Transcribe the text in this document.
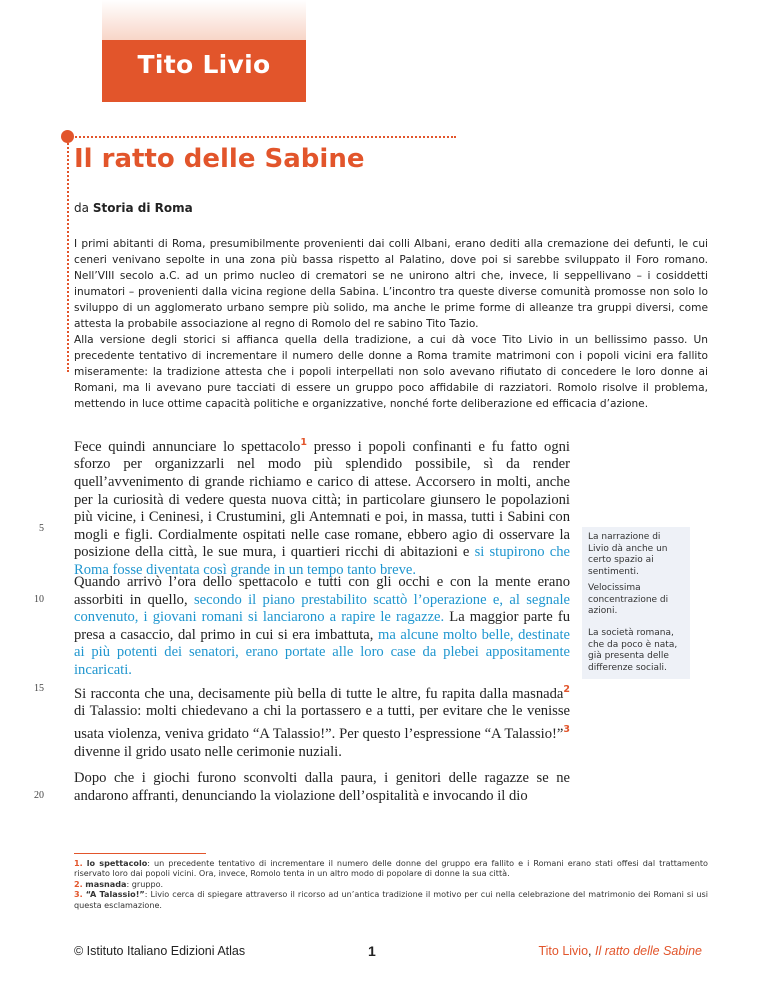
Tito Livio
Il ratto delle Sabine
da Storia di Roma

I primi abitanti di Roma, presumibilmente provenienti dai colli Albani, erano dediti alla cremazione dei defunti, le cui ceneri venivano sepolte in una zona più bassa rispetto al Palatino, dove poi si sarebbe sviluppato il Foro romano. Nell’VIII secolo a.C. ad un primo nucleo di crematori se ne unirono altri che, invece, li seppellivano – i cosiddetti inumatori – provenienti dalla vicina regione della Sabina. L’incontro tra queste diverse comunità promosse non solo lo sviluppo di un agglomerato urbano sempre più solido, ma anche le prime forme di alleanze tra gruppi diversi, come attesta la probabile associazione al regno di Romolo del re sabino Tito Tazio.

Alla versione degli storici si affianca quella della tradizione, a cui dà voce Tito Livio in un bellissimo passo. Un precedente tentativo di incrementare il numero delle donne a Roma tramite matrimoni con i popoli vicini era fallito miseramente: la tradizione attesta che i popoli interpellati non solo avevano rifiutato di concedere le loro donne ai Romani, ma li avevano pure tacciati di essere un gruppo poco affidabile di razziatori. Romolo risolve il problema, mettendo in luce ottime capacità politiche e organizzative, nonché forte deliberazione ed efficacia d’azione.

Fece quindi annunciare lo spettacolo$^1$ presso i popoli confinanti e fu fatto ogni sforzo per organizzarli nel modo più splendido possibile, sì da render quell’avvenimento di grande richiamo e carico di attese. Accorsero in molti, anche per la curiosità di vedere questa nuova città; in particolare giunsero le popolazioni più vicine, i Ceninesi, i Crustumini, gli Antemnati e poi, in massa, tutti i Sabini con mogli e figli. Cordialmente ospitati nelle case romane, ebbero agio di osservare la posizione della città, le sue mura, i quartieri ricchi di abitazioni e si stupirono che Roma fosse diventata così grande in un tempo tanto breve.

Quando arrivò l’ora dello spettacolo e tutti con gli occhi e con la mente erano assorbiti in quello, secondo il piano prestabilito scattò l’operazione e, al segnale convenuto, i giovani romani si lanciarono a rapire le ragazze. La maggior parte fu presa a casaccio, dal primo in cui si era imbattuta, ma alcune molto belle, destinate ai più potenti dei senatori, erano portate alle loro case da plebei appositamente incaricati.

Si racconta che una, decisamente più bella di tutte le altre, fu rapita dalla masnada$^2$ di Talassio: molti chiedevano a chi la portassero e a tutti, per evitare che le venisse usata violenza, veniva gridato “A Talassio!”. Per questo l’espressione “A Talassio!”$^3$ divenne il grido usato nelle cerimonie nuziali.

Dopo che i giochi furono sconvolti dalla paura, i genitori delle ragazze se ne andarono affranti, denunciando la violazione dell’ospitalità e invocando il dio

5
10
15
20
La narrazione di Livio dà anche un certo spazio ai sentimenti.
Velocissima concentrazione di azioni.
La società romana, che da poco è nata, già presenta delle differenze sociali.

1. lo spettacolo: un precedente tentativo di incrementare il numero delle donne del gruppo era fallito e i Romani erano stati offesi dal trattamento riservato loro dai popoli vicini. Ora, invece, Romolo tenta in un altro modo di popolare di donne la sua città.

2. masnada: gruppo.

3. “A Talassio!”: Livio cerca di spiegare attraverso il ricorso ad un’antica tradizione il motivo per cui nella celebrazione del matrimonio dei Romani si usi questa esclamazione.

© Istituto Italiano Edizioni Atlas	1	Tito Livio, Il ratto delle Sabine
